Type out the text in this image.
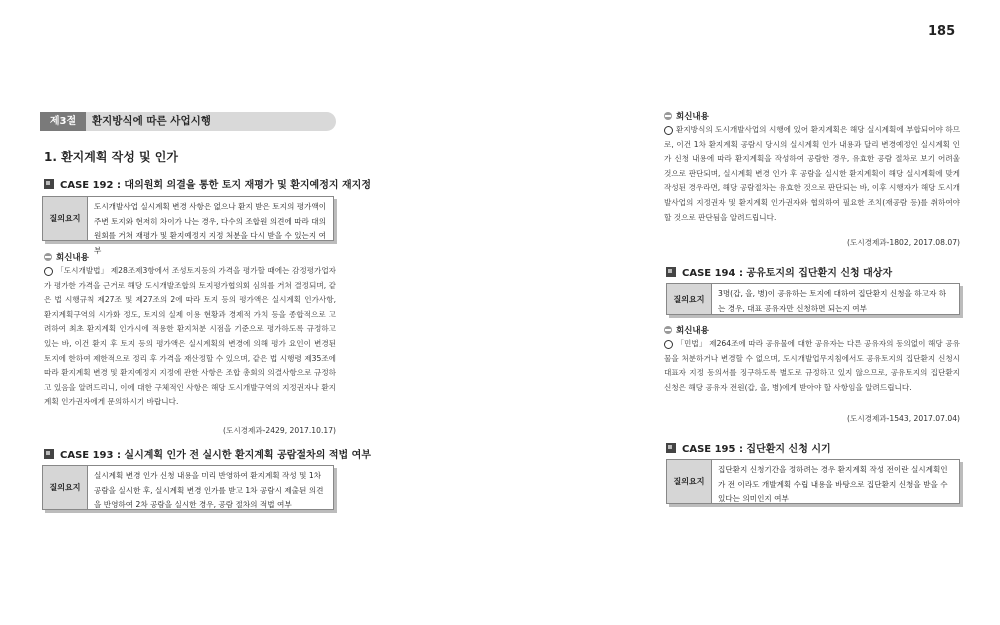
185
제3절	환지방식에 따른 사업시행
1. 환지계획 작성 및 인가
CASE 192 : 대의원회 의결을 통한 토지 재평가 및 환지예정지 재지정
질의요지
도시개발사업 실시계획 변경 사항은 없으나 환지 받은 토지의 평가액이 주변 토지와 현저히 차이가 나는 경우, 다수의 조합원 의견에 따라 대의원회를 거쳐 재평가 및 환지예정지 지정 처분을 다시 받을 수 있는지 여부
회신내용
「도시개발법」 제28조제3항에서 조성토지등의 가격을 평가할 때에는 감정평가업자가 평가한 가격을 근거로 해당 도시개발조합의 토지평가협의회 심의를 거쳐 결정되며, 같은 법 시행규칙 제27조 및 제27조의 2에 따라 토지 등의 평가액은 실시계획 인가사항, 환지계획구역의 시가화 정도, 토지의 실제 이용 현황과 경제적 가치 등을 종합적으로 고려하여 최초 환지계획 인가시에 적용한 환지처분 시점을 기준으로 평가하도록 규정하고 있는 바, 이건 환지 후 토지 등의 평가액은 실시계획의 변경에 의해 평가 요인이 변경된 토지에 한하여 제한적으로 정리 후 가격을 재산정할 수 있으며, 같은 법 시행령 제35조에 따라 환지계획 변경 및 환지예정지 지정에 관한 사항은 조합 총회의 의결사항으로 규정하고 있음을 알려드리니, 이에 대한 구체적인 사항은 해당 도시개발구역의 지정권자나 환지계획 인가권자에게 문의하시기 바랍니다.
(도시경제과-2429, 2017.10.17)
CASE 193 : 실시계획 인가 전 실시한 환지계획 공람절차의 적법 여부
질의요지
실시계획 변경 인가 신청 내용을 미리 반영하여 환지계획 작성 및 1차 공람을 실시한 후, 실시계획 변경 인가를 받고 1차 공람시 제출된 의견을 반영하여 2차 공람을 실시한 경우, 공람 절차의 적법 여부
회신내용
환지방식의 도시개발사업의 시행에 있어 환지계획은 해당 실시계획에 부합되어야 하므로, 이건 1차 환지계획 공람시 당시의 실시계획 인가 내용과 달리 변경예정인 실시계획 인가 신청 내용에 따라 환지계획을 작성하여 공람한 경우, 유효한 공람 절차로 보기 어려울 것으로 판단되며, 실시계획 변경 인가 후 공람을 실시한 환지계획이 해당 실시계획에 맞게 작성된 경우라면, 해당 공람절차는 유효한 것으로 판단되는 바, 이후 시행자가 해당 도시개발사업의 지정권자 및 환지계획 인가권자와 협의하여 필요한 조치(재공람 등)를 취하여야 할 것으로 판단됨을 알려드립니다.
(도시경제과-1802, 2017.08.07)
CASE 194 : 공유토지의 집단환지 신청 대상자
질의요지
3명(갑, 을, 병)이 공유하는 토지에 대하여 집단환지 신청을 하고자 하는 경우, 대표 공유자만 신청하면 되는지 여부
회신내용
「민법」 제264조에 따라 공유물에 대한 공유자는 다른 공유자의 동의없이 해당 공유물을 처분하거나 변경할 수 없으며, 도시개발업무지침에서도 공유토지의 집단환지 신청시 대표자 지정 동의서를 징구하도록 별도로 규정하고 있지 않으므로, 공유토지의 집단환지 신청은 해당 공유자 전원(갑, 을, 병)에게 받아야 할 사항임을 알려드립니다.
(도시경제과-1543, 2017.07.04)
CASE 195 : 집단환지 신청 시기
질의요지
집단환지 신청기간을 정하려는 경우 환지계획 작성 전이란 실시계획인가 전 이라도 개발계획 수립 내용을 바탕으로 집단환지 신청을 받을 수 있다는 의미인지 여부
